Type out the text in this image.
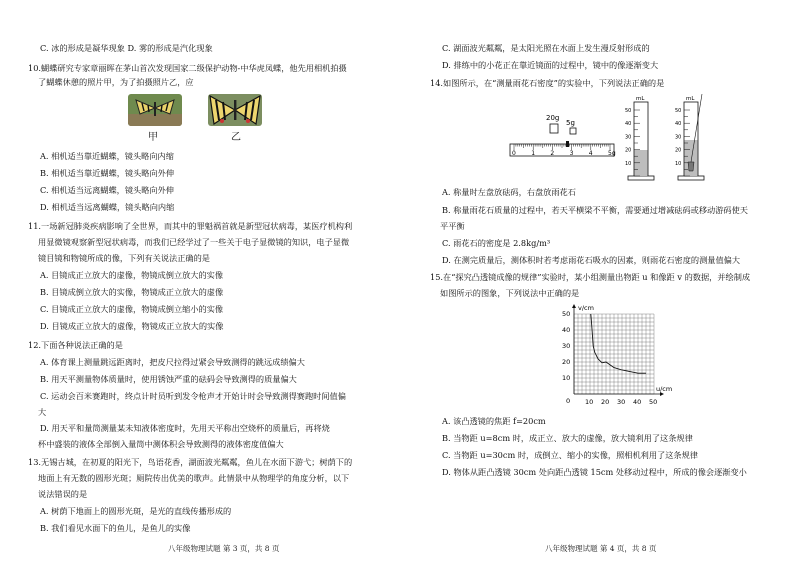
C. 冰的形成是凝华现象 D. 雾的形成是汽化现象
10.蝴蝶研究专家章丽晖在茅山首次发现国家二级保护动物-中华虎凤蝶，他先用相机拍摄
了蝴蝶休憩的照片甲，为了拍摄照片乙，应
A. 相机适当靠近蝴蝶，镜头略向内缩
B. 相机适当靠近蝴蝶，镜头略向外伸
C. 相机适当远离蝴蝶，镜头略向外伸
D. 相机适当远离蝴蝶，镜头略向内缩
11.一场新冠肺炎疾病影响了全世界，而其中的罪魁祸首就是新型冠状病毒，某医疗机构利
用显微镜观察新型冠状病毒，而我们已经学过了一些关于电子显微镜的知识，电子显微
镜目镜和物镜所成的像，下列有关说法正确的是
A. 目镜成正立放大的虚像，物镜成倒立放大的实像
B. 目镜成倒立放大的实像，物镜成正立放大的虚像
C. 目镜成正立放大的虚像，物镜成倒立缩小的实像
D. 目镜成正立放大的虚像，物镜成正立放大的实像
12.下面各种说法正确的是
A. 体育课上测量跳远距离时，把皮尺拉得过紧会导致测得的跳远成绩偏大
B. 用天平测量物体质量时，使用锈蚀严重的砝码会导致测得的质量偏大
C. 运动会百米赛跑时，终点计时员听到发令枪声才开始计时会导致测得赛跑时间值偏
大
D. 用天平和量筒测量某未知液体密度时，先用天平称出空烧杯的质量后，再将烧
杯中盛装的液体全部倒入量筒中测体积会导致测得的液体密度值偏大
13.无锡古城，在初夏的阳光下，鸟语花香，湖面波光粼粼，鱼儿在水面下游弋；树荫下的
地面上有无数的圆形光斑；厕院传出优美的歌声。此情景中从物理学的角度分析，以下
说法错误的是
A. 树荫下地面上的圆形光斑，是光的直线传播形成的
B. 我们看见水面下的鱼儿，是鱼儿的实像
甲	乙
八年级物理试题 第 3 页，共 8 页
C. 湖面波光粼粼，是太阳光照在水面上发生漫反射形成的
D. 排练中的小花正在靠近镜面的过程中，镜中的像逐渐变大
14.如图所示，在“测量雨花石密度”的实验中，下列说法正确的是
A. 称量时左盘放砝码，右盘放雨花石
B. 称量雨花石质量的过程中，若天平横梁不平衡，需要通过增减砝码或移动游码使天
平平衡
C. 雨花石的密度是 2.8kg/m³
D. 在测完质量后，测体积时若考虑雨花石吸水的因素，则雨花石密度的测量值偏大
15.在“探究凸透镜成像的规律”实验时，某小组测量出物距 u 和像距 v 的数据，并绘制成
如图所示的图象，下列说法中正确的是
A. 该凸透镜的焦距 f=20cm
B. 当物距 u=8cm 时，成正立、放大的虚像，放大镜利用了这条规律
C. 当物距 u=30cm 时，成倒立、缩小的实像，照相机利用了这条规律
D. 物体从距凸透镜 30cm 处向距凸透镜 15cm 处移动过程中，所成的像会逐渐变小
20g
5g
0	1	2	3	4	5g
mL
50
40
30
20
10
mL
50
40
30
20
10
v/cm
u/cm
10 20 30 40 50
10
20
30
40
50
0
八年级物理试题 第 4 页，共 8 页
